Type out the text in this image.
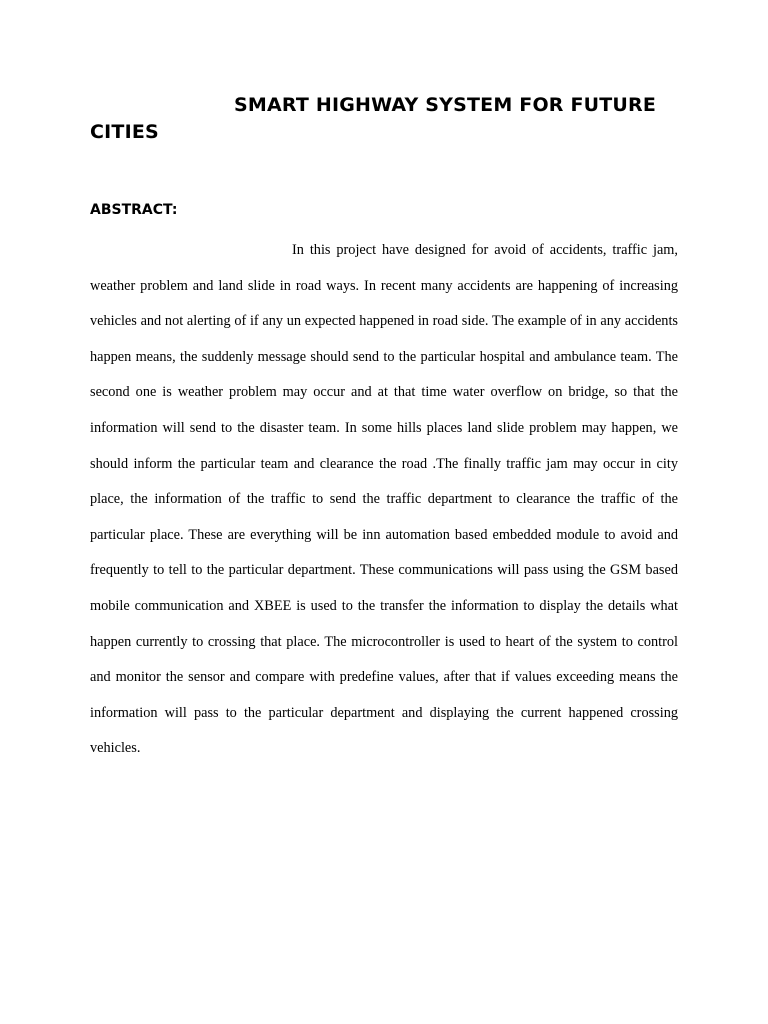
SMART HIGHWAY SYSTEM FOR FUTURE CITIES
ABSTRACT:

In this project have designed for avoid of accidents, traffic jam, weather problem and land slide in road ways. In recent many accidents are happening of increasing vehicles and not alerting of if any un expected happened in road side. The example of in any accidents happen means, the suddenly message should send to the particular hospital and ambulance team. The second one is weather problem may occur and at that time water overflow on bridge, so that the information will send to the disaster team. In some hills places land slide problem may happen, we should inform the particular team and clearance the road .The finally traffic jam may occur in city place, the information of the traffic to send the traffic department to clearance the traffic of the particular place. These are everything will be inn automation based embedded module to avoid and frequently to tell to the particular department. These communications will pass using the GSM based mobile communication and XBEE is used to the transfer the information to display the details what happen currently to crossing that place. The microcontroller is used to heart of the system to control and monitor the sensor and compare with predefine values, after that if values exceeding means the information will pass to the particular department and displaying the current happened crossing vehicles.
